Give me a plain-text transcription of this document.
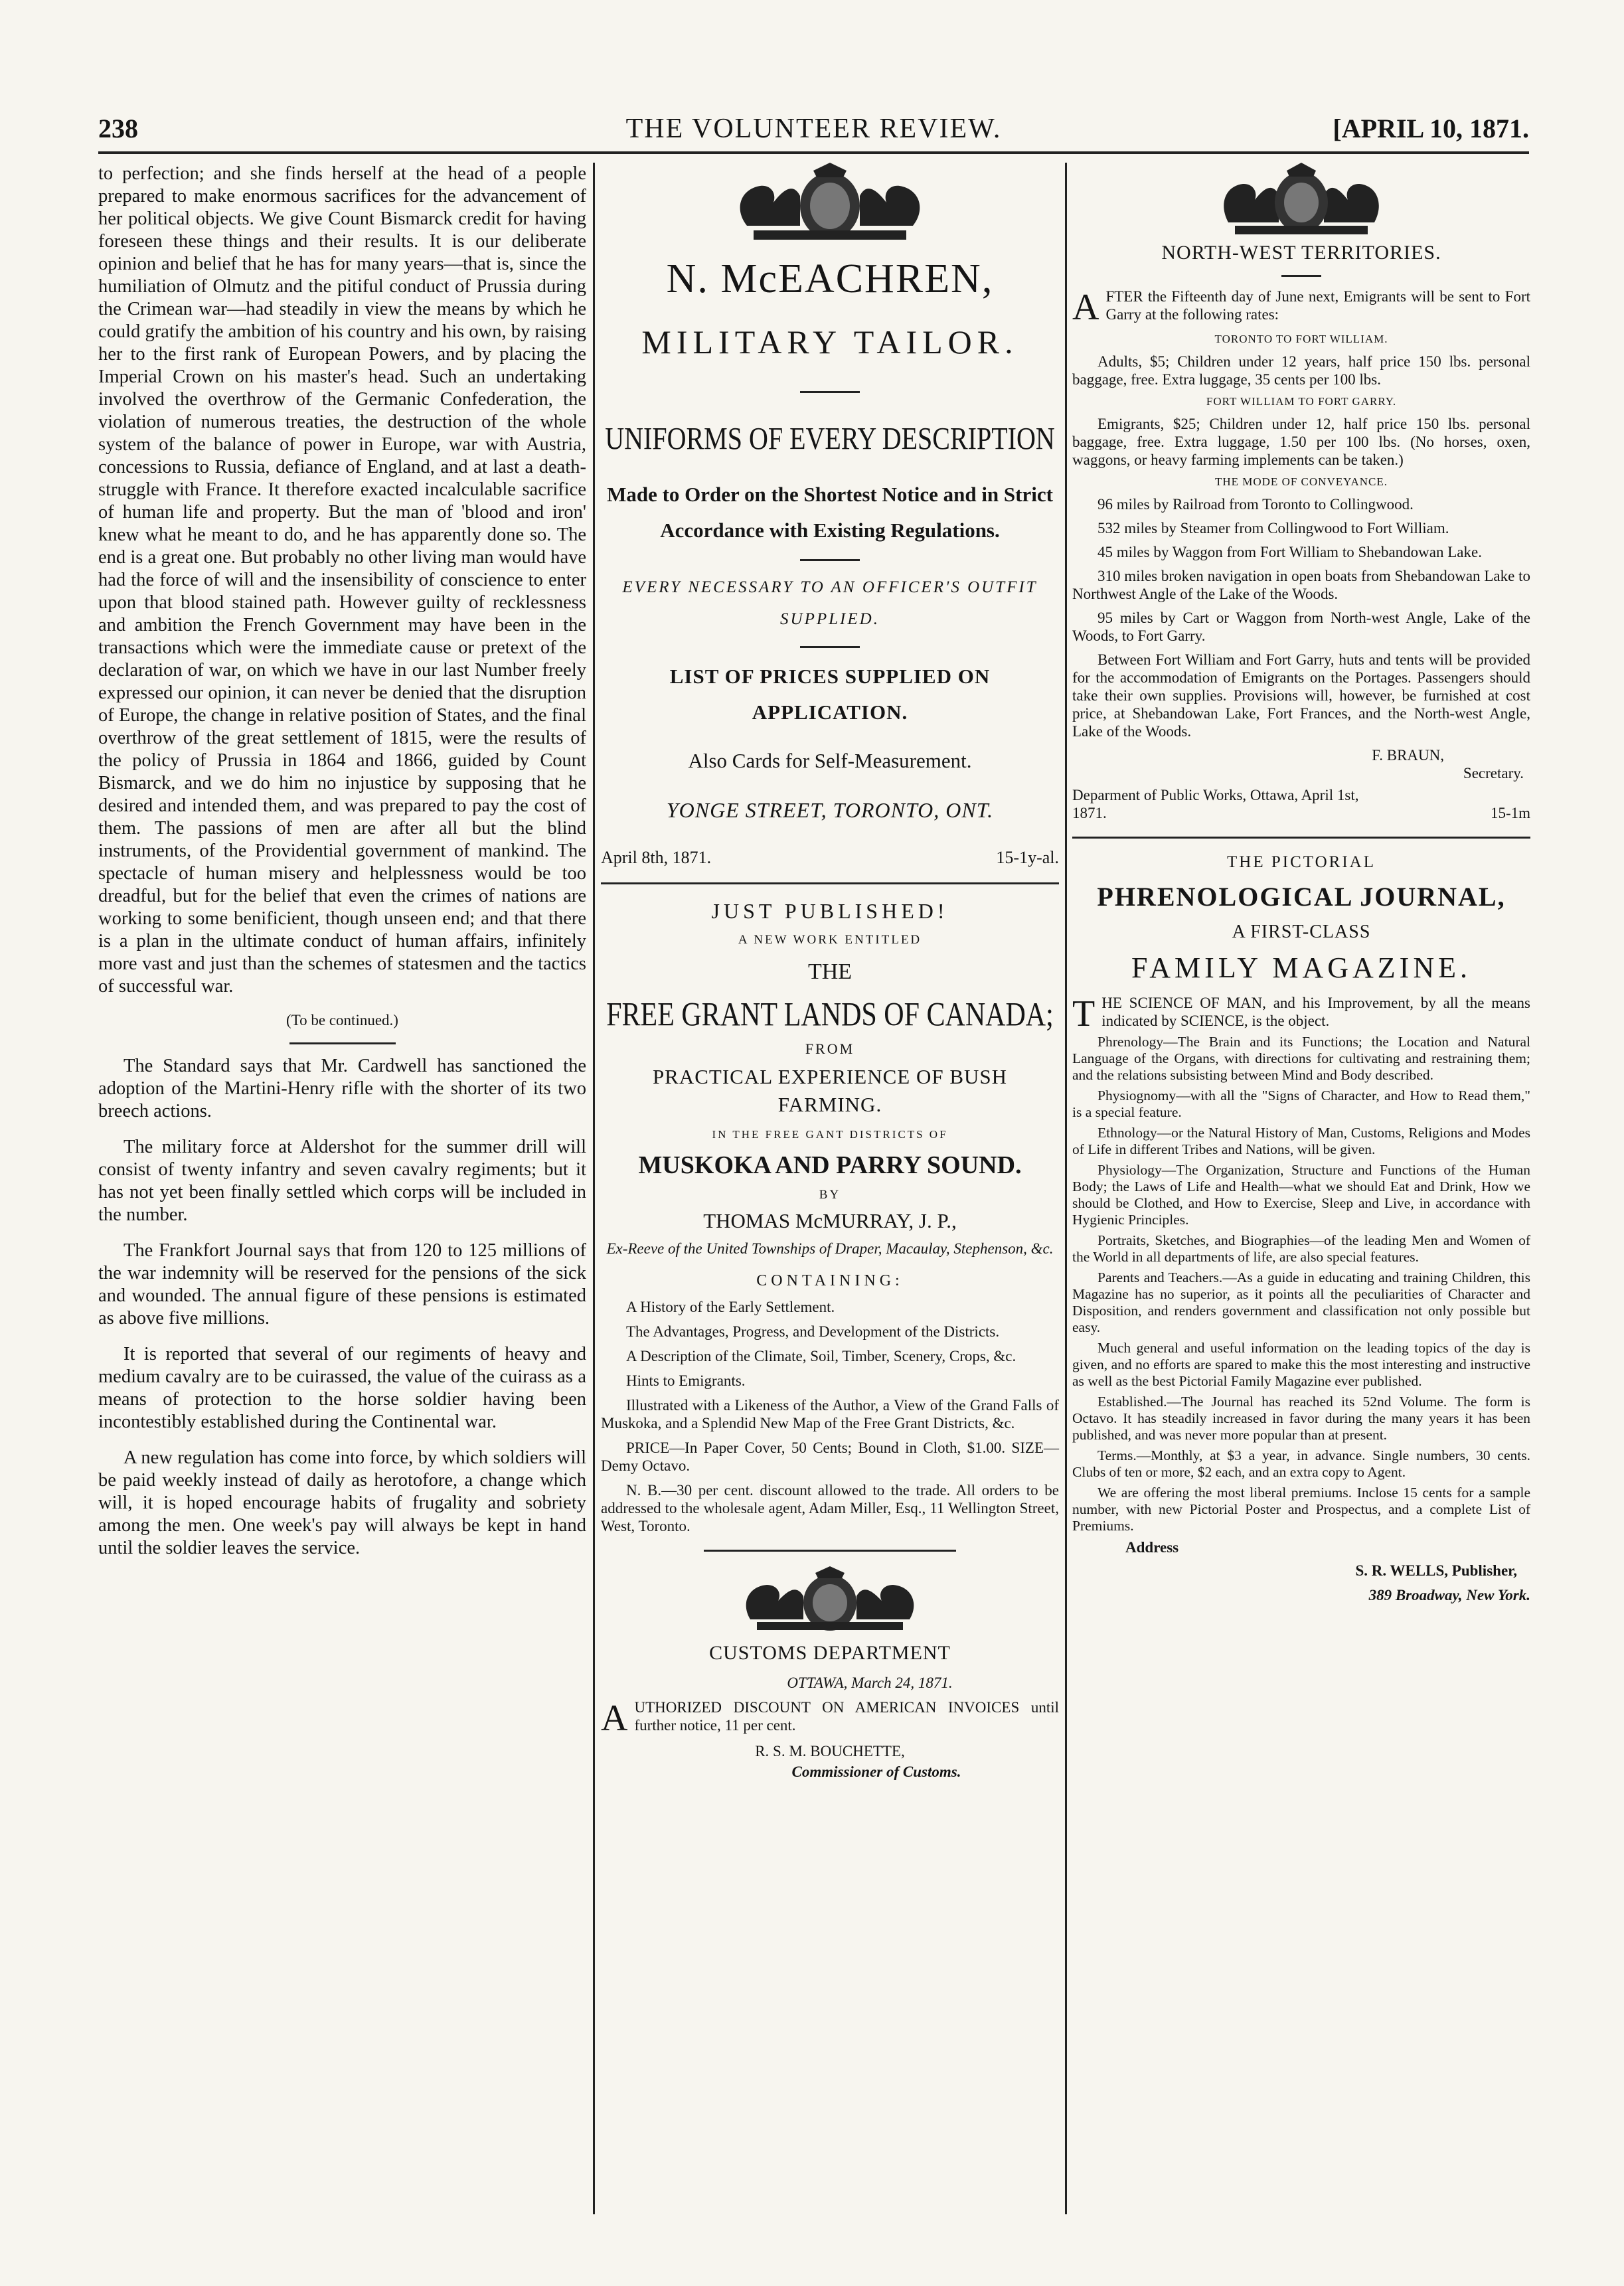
238	THE VOLUNTEER REVIEW.	[APRIL 10, 1871.

to perfection; and she finds herself at the head of a people prepared to make enormous sacrifices for the advancement of her political objects. We give Count Bismarck credit for having foreseen these things and their results. It is our deliberate opinion and belief that he has for many years—that is, since the humiliation of Olmutz and the pitiful conduct of Prussia during the Crimean war—had steadily in view the means by which he could gratify the ambition of his country and his own, by raising her to the first rank of European Powers, and by placing the Imperial Crown on his master's head. Such an undertaking involved the overthrow of the Germanic Confederation, the violation of numerous treaties, the destruction of the whole system of the balance of power in Europe, war with Austria, concessions to Russia, defiance of England, and at last a death-struggle with France. It therefore exacted incalculable sacrifice of human life and property. But the man of 'blood and iron' knew what he meant to do, and he has apparently done so. The end is a great one. But probably no other living man would have had the force of will and the insensibility of conscience to enter upon that blood stained path. However guilty of recklessness and ambition the French Government may have been in the transactions which were the immediate cause or pretext of the declaration of war, on which we have in our last Number freely expressed our opinion, it can never be denied that the disruption of Europe, the change in relative position of States, and the final overthrow of the great settlement of 1815, were the results of the policy of Prussia in 1864 and 1866, guided by Count Bismarck, and we do him no injustice by supposing that he desired and intended them, and was prepared to pay the cost of them. The passions of men are after all but the blind instruments, of the Providential government of mankind. The spectacle of human misery and helplessness would be too dreadful, but for the belief that even the crimes of nations are working to some benificient, though unseen end; and that there is a plan in the ultimate conduct of human affairs, infinitely more vast and just than the schemes of statesmen and the tactics of successful war.

(To be continued.)

The Standard says that Mr. Cardwell has sanctioned the adoption of the Martini-Henry rifle with the shorter of its two breech actions.

The military force at Aldershot for the summer drill will consist of twenty infantry and seven cavalry regiments; but it has not yet been finally settled which corps will be included in the number.

The Frankfort Journal says that from 120 to 125 millions of the war indemnity will be reserved for the pensions of the sick and wounded. The annual figure of these pensions is estimated as above five millions.

It is reported that several of our regiments of heavy and medium cavalry are to be cuirassed, the value of the cuirass as a means of protection to the horse soldier having been incontestibly established during the Continental war.

A new regulation has come into force, by which soldiers will be paid weekly instead of daily as herotofore, a change which will, it is hoped encourage habits of frugality and sobriety among the men. One week's pay will always be kept in hand until the soldier leaves the service.

N. McEACHREN,
MILITARY TAILOR.
UNIFORMS OF EVERY DESCRIPTION
Made to Order on the Shortest Notice and in Strict Accordance with Existing Regulations.
EVERY NECESSARY TO AN OFFICER'S OUTFIT SUPPLIED.
LIST OF PRICES SUPPLIED ON APPLICATION.
Also Cards for Self-Measurement.
YONGE STREET, TORONTO, ONT.
April 8th, 1871.	15-1y-al.
JUST PUBLISHED!
A NEW WORK ENTITLED
THE
FREE GRANT LANDS OF CANADA;
FROM
PRACTICAL EXPERIENCE OF BUSH FARMING.
IN THE FREE GANT DISTRICTS OF
MUSKOKA AND PARRY SOUND.
BY
THOMAS McMURRAY, J. P.,
Ex-Reeve of the United Townships of Draper, Macaulay, Stephenson, &c.
CONTAINING:

A History of the Early Settlement.

The Advantages, Progress, and Development of the Districts.

A Description of the Climate, Soil, Timber, Scenery, Crops, &c.

Hints to Emigrants.

Illustrated with a Likeness of the Author, a View of the Grand Falls of Muskoka, and a Splendid New Map of the Free Grant Districts, &c.

PRICE—In Paper Cover, 50 Cents; Bound in Cloth, $1.00. SIZE—Demy Octavo.

N. B.—30 per cent. discount allowed to the trade. All orders to be addressed to the wholesale agent, Adam Miller, Esq., 11 Wellington Street, West, Toronto.

CUSTOMS DEPARTMENT
OTTAWA, March 24, 1871.
A UTHORIZED DISCOUNT ON AMERICAN INVOICES until further notice, 11 per cent.
R. S. M. BOUCHETTE,
Commissioner of Customs.
NORTH-WEST TERRITORIES.
A FTER the Fifteenth day of June next, Emigrants will be sent to Fort Garry at the following rates:
TORONTO TO FORT WILLIAM.

Adults, $5; Children under 12 years, half price 150 lbs. personal baggage, free. Extra luggage, 35 cents per 100 lbs.

FORT WILLIAM TO FORT GARRY.

Emigrants, $25; Children under 12, half price 150 lbs. personal baggage, free. Extra luggage, 1.50 per 100 lbs. (No horses, oxen, waggons, or heavy farming implements can be taken.)

THE MODE OF CONVEYANCE.

96 miles by Railroad from Toronto to Collingwood.

532 miles by Steamer from Collingwood to Fort William.

45 miles by Waggon from Fort William to Shebandowan Lake.

310 miles broken navigation in open boats from Shebandowan Lake to Northwest Angle of the Lake of the Woods.

95 miles by Cart or Waggon from North-west Angle, Lake of the Woods, to Fort Garry.

Between Fort William and Fort Garry, huts and tents will be provided for the accommodation of Emigrants on the Portages. Passengers should take their own supplies. Provisions will, however, be furnished at cost price, at Shebandowan Lake, Fort Frances, and the North-west Angle, Lake of the Woods.

F. BRAUN,
Secretary.
Deparment of Public Works, Ottawa, April 1st, 1871.	15-1m
THE PICTORIAL
PHRENOLOGICAL JOURNAL,
A FIRST-CLASS
FAMILY MAGAZINE.
T HE SCIENCE OF MAN, and his Improvement, by all the means indicated by SCIENCE, is the object.

Phrenology—The Brain and its Functions; the Location and Natural Language of the Organs, with directions for cultivating and restraining them; and the relations subsisting between Mind and Body described.

Physiognomy—with all the "Signs of Character, and How to Read them," is a special feature.

Ethnology—or the Natural History of Man, Customs, Religions and Modes of Life in different Tribes and Nations, will be given.

Physiology—The Organization, Structure and Functions of the Human Body; the Laws of Life and Health—what we should Eat and Drink, How we should be Clothed, and How to Exercise, Sleep and Live, in accordance with Hygienic Principles.

Portraits, Sketches, and Biographies—of the leading Men and Women of the World in all departments of life, are also special features.

Parents and Teachers.—As a guide in educating and training Children, this Magazine has no superior, as it points all the peculiarities of Character and Disposition, and renders government and classification not only possible but easy.

Much general and useful information on the leading topics of the day is given, and no efforts are spared to make this the most interesting and instructive as well as the best Pictorial Family Magazine ever published.

Established.—The Journal has reached its 52nd Volume. The form is Octavo. It has steadily increased in favor during the many years it has been published, and was never more popular than at present.

Terms.—Monthly, at $3 a year, in advance. Single numbers, 30 cents. Clubs of ten or more, $2 each, and an extra copy to Agent.

We are offering the most liberal premiums. Inclose 15 cents for a sample number, with new Pictorial Poster and Prospectus, and a complete List of Premiums.

Address
S. R. WELLS, Publisher,
389 Broadway, New York.
